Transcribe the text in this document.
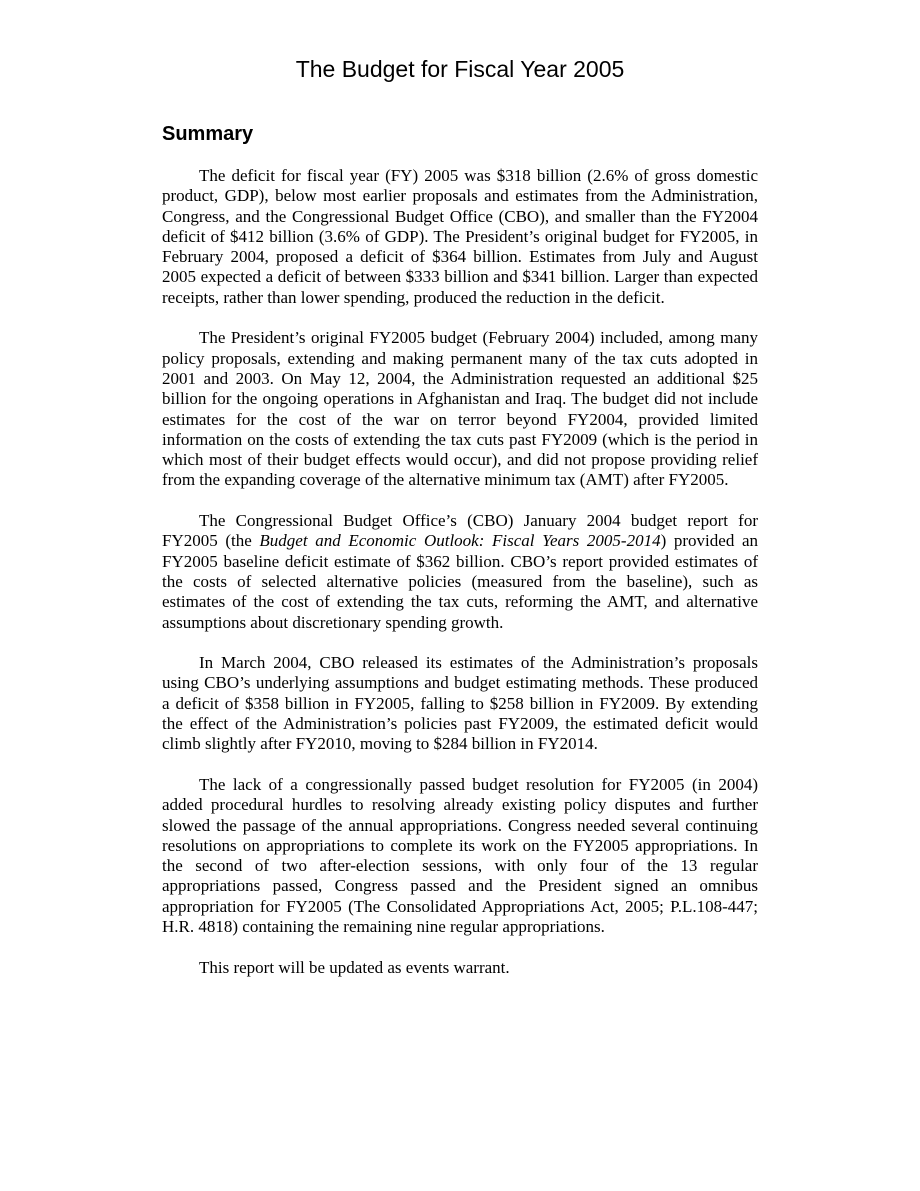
The Budget for Fiscal Year 2005
Summary

The deficit for fiscal year (FY) 2005 was $318 billion (2.6% of gross domestic product, GDP), below most earlier proposals and estimates from the Administration, Congress, and the Congressional Budget Office (CBO), and smaller than the FY2004 deficit of $412 billion (3.6% of GDP). The President’s original budget for FY2005, in February 2004, proposed a deficit of $364 billion. Estimates from July and August 2005 expected a deficit of between $333 billion and $341 billion. Larger than expected receipts, rather than lower spending, produced the reduction in the deficit.

The President’s original FY2005 budget (February 2004) included, among many policy proposals, extending and making permanent many of the tax cuts adopted in 2001 and 2003. On May 12, 2004, the Administration requested an additional $25 billion for the ongoing operations in Afghanistan and Iraq. The budget did not include estimates for the cost of the war on terror beyond FY2004, provided limited information on the costs of extending the tax cuts past FY2009 (which is the period in which most of their budget effects would occur), and did not propose providing relief from the expanding coverage of the alternative minimum tax (AMT) after FY2005.

The Congressional Budget Office’s (CBO) January 2004 budget report for FY2005 (the Budget and Economic Outlook: Fiscal Years 2005-2014) provided an FY2005 baseline deficit estimate of $362 billion. CBO’s report provided estimates of the costs of selected alternative policies (measured from the baseline), such as estimates of the cost of extending the tax cuts, reforming the AMT, and alternative assumptions about discretionary spending growth.

In March 2004, CBO released its estimates of the Administration’s proposals using CBO’s underlying assumptions and budget estimating methods. These produced a deficit of $358 billion in FY2005, falling to $258 billion in FY2009. By extending the effect of the Administration’s policies past FY2009, the estimated deficit would climb slightly after FY2010, moving to $284 billion in FY2014.

The lack of a congressionally passed budget resolution for FY2005 (in 2004) added procedural hurdles to resolving already existing policy disputes and further slowed the passage of the annual appropriations. Congress needed several continuing resolutions on appropriations to complete its work on the FY2005 appropriations. In the second of two after-election sessions, with only four of the 13 regular appropriations passed, Congress passed and the President signed an omnibus appropriation for FY2005 (The Consolidated Appropriations Act, 2005; P.L.108-447; H.R. 4818) containing the remaining nine regular appropriations.

This report will be updated as events warrant.
